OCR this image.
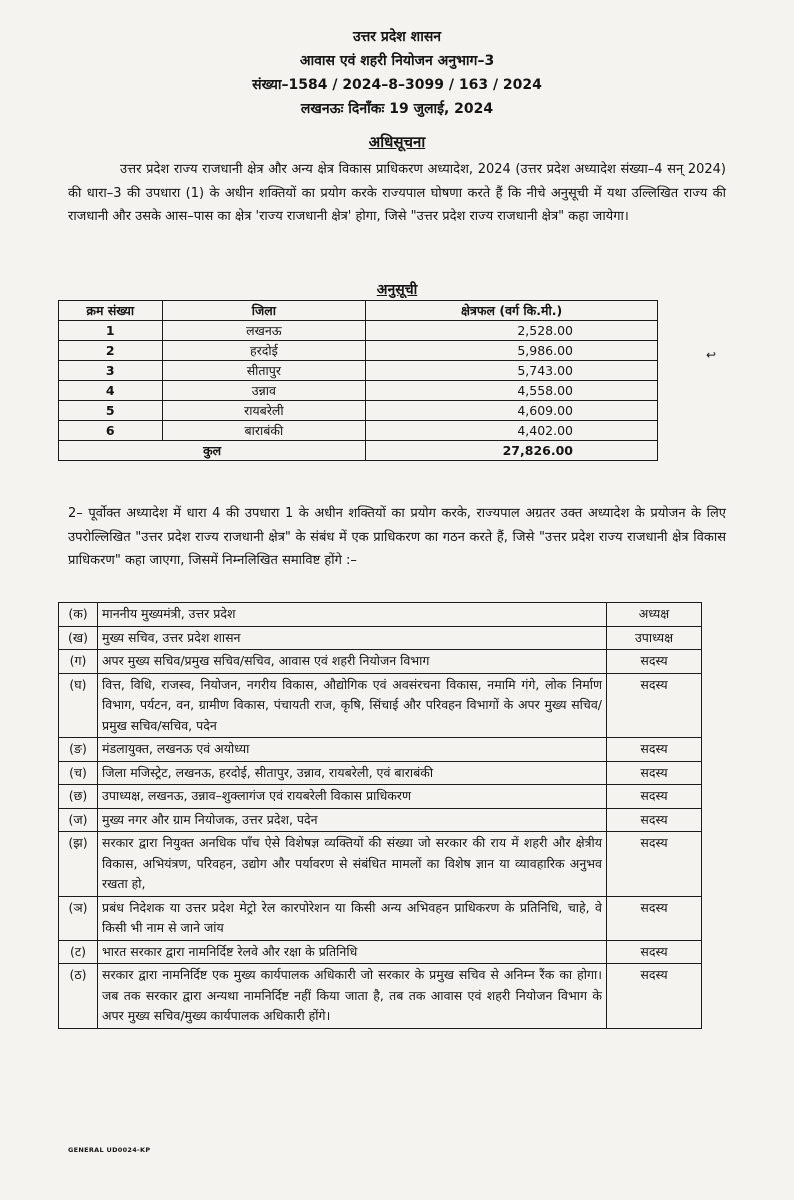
उत्तर प्रदेश शासन
आवास एवं शहरी नियोजन अनुभाग–3
संख्या–1584 / 2024–8–3099 / 163 / 2024
लखनऊः दिनाँकः 19 जुलाई, 2024
अधिसूचना
उत्तर प्रदेश राज्य राजधानी क्षेत्र और अन्य क्षेत्र विकास प्राधिकरण अध्यादेश, 2024 (उत्तर प्रदेश अध्यादेश संख्या–4 सन् 2024) की धारा–3 की उपधारा (1) के अधीन शक्तियों का प्रयोग करके राज्यपाल घोषणा करते हैं कि नीचे अनुसूची में यथा उल्लिखित राज्य की राजधानी और उसके आस–पास का क्षेत्र 'राज्य राजधानी क्षेत्र' होगा, जिसे "उत्तर प्रदेश राज्य राजधानी क्षेत्र" कहा जायेगा।
अनुसूची
क्रम संख्या	जिला	क्षेत्रफल (वर्ग कि.मी.)
1	लखनऊ	2,528.00
2	हरदोई	5,986.00
3	सीतापुर	5,743.00
4	उन्नाव	4,558.00
5	रायबरेली	4,609.00
6	बाराबंकी	4,402.00
कुल		27,826.00
2– पूर्वोक्त अध्यादेश में धारा 4 की उपधारा 1 के अधीन शक्तियों का प्रयोग करके, राज्यपाल अग्रतर उक्त अध्यादेश के प्रयोजन के लिए उपरोल्लिखित "उत्तर प्रदेश राज्य राजधानी क्षेत्र" के संबंध में एक प्राधिकरण का गठन करते हैं, जिसे "उत्तर प्रदेश राज्य राजधानी क्षेत्र विकास प्राधिकरण" कहा जाएगा, जिसमें निम्नलिखित समाविष्ट होंगे :–
(क)	माननीय मुख्यमंत्री, उत्तर प्रदेश	अध्यक्ष
(ख)	मुख्य सचिव, उत्तर प्रदेश शासन	उपाध्यक्ष
(ग)	अपर मुख्य सचिव/प्रमुख सचिव/सचिव, आवास एवं शहरी नियोजन विभाग	सदस्य
(घ)	वित्त, विधि, राजस्व, नियोजन, नगरीय विकास, औद्योगिक एवं अवसंरचना विकास, नमामि गंगे, लोक निर्माण विभाग, पर्यटन, वन, ग्रामीण विकास, पंचायती राज, कृषि, सिंचाई और परिवहन विभागों के अपर मुख्य सचिव/प्रमुख सचिव/सचिव, पदेन	सदस्य
(ङ)	मंडलायुक्त, लखनऊ एवं अयोध्या	सदस्य
(च)	जिला मजिस्ट्रेट, लखनऊ, हरदोई, सीतापुर, उन्नाव, रायबरेली, एवं बाराबंकी	सदस्य
(छ)	उपाध्यक्ष, लखनऊ, उन्नाव–शुक्लागंज एवं रायबरेली विकास प्राधिकरण	सदस्य
(ज)	मुख्य नगर और ग्राम नियोजक, उत्तर प्रदेश, पदेन	सदस्य
(झ)	सरकार द्वारा नियुक्त अनधिक पाँच ऐसे विशेषज्ञ व्यक्तियों की संख्या जो सरकार की राय में शहरी और क्षेत्रीय विकास, अभियंत्रण, परिवहन, उद्योग और पर्यावरण से संबंधित मामलों का विशेष ज्ञान या व्यावहारिक अनुभव रखता हो,	सदस्य
(ञ)	प्रबंध निदेशक या उत्तर प्रदेश मेट्रो रेल कारपोरेशन या किसी अन्य अभिवहन प्राधिकरण के प्रतिनिधि, चाहे, वे किसी भी नाम से जाने जांय	सदस्य
(ट)	भारत सरकार द्वारा नामनिर्दिष्ट रेलवे और रक्षा के प्रतिनिधि	सदस्य
(ठ)	सरकार द्वारा नामनिर्दिष्ट एक मुख्य कार्यपालक अधिकारी जो सरकार के प्रमुख सचिव से अनिम्न रैंक का होगा। जब तक सरकार द्वारा अन्यथा नामनिर्दिष्ट नहीं किया जाता है, तब तक आवास एवं शहरी नियोजन विभाग के अपर मुख्य सचिव/मुख्य कार्यपालक अधिकारी होंगे।	सदस्य
GENERAL UD0024-KP
↩
